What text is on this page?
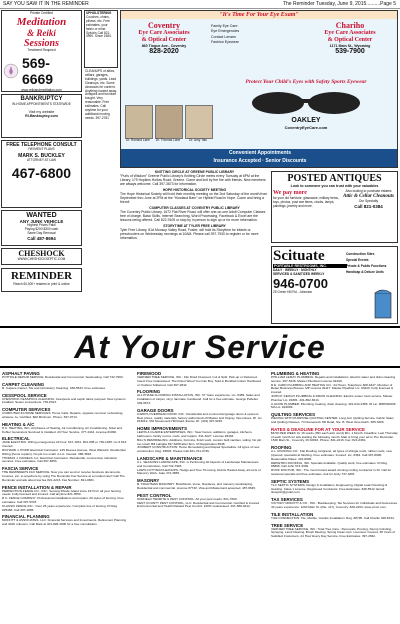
SAY YOU SAW IT IN THE REMINDER	The Reminder Tuesday, June 9, 2015..........Page 5
Private Certified
Meditation
& Reiki
Sessions
Treatment Required
569-6669
www.reikiandmeditation.com
UPHOLSTERING
Couches, chairs, pillows, etc. Free estimates, your fabric or mine. Sylvia's Call 821-4990. Since 1984.
CLEANUPS of attics, cellars, garages, buildings, yards. Lead Cleanups, etc. Some cleanouts for content. Anything hauled away. Antiques and furniture bought. Very reasonable. Free estimates. Call anytime for your additional moving needs. 397-2781
BANKRUPTCY
IN-HOME APPOINTMENTS STATEWIDE
Visit my website
RI-Bankruptcy.com
FREE TELEPHONE CONSULT
PAYMENT PLANS
MARK S. BUCKLEY
ATTORNEY AT LAW
467-6800
WANTED
ANY JUNK VEHICLE
Highest Prices Paid!
Paying $200-$300 cash
Same Day Removal
Call 487-8694
CHESHOCK
WWW.CHESHOCKSEPTIC.COM
REMINDER
Reach 60,000+ readers in print & online
KNITTING CIRCLE AT GREENE PUBLIC LIBRARY
"Purls of Wisdom" Greene Public Library's Knitting Circle meets every Tuesday at 6PM at the Library, 179 Hopkins Hollow Road, Greene. Come and knit by the fire with friends. New members are always welcome. Call 397-3873 for information.
HOPE HISTORICAL SOCIETY MEETING
The Hope Historical Society will hold their monthly meeting on the 2nd Saturday of the month from September thru June at 2PM at the "Howland Barn" on Hyfield Road in Hope. Come and bring a friend!
COMPUTER CLASSES AT COVENTRY PUBLIC LIBRARY
The Coventry Public Library, 1672 Flat River Road, will offer one-on-one Adult Computer Classes free of charge. Basic Skills, Internet Searching, Word Processing, Facebook & Excel are the lessons being offered. Call 822-9105 or stop by in person to sign up or for more information.
STORYTIME AT TYLER FREE LIBRARY
Tyler Free Library, 81A Moosup Valley Road, Foster, will hold its Storytime for infants or preschoolers on Wednesday mornings at 10AM. Please call 397-7930 to register or for more information.
"It's Time For Your Eye Exam"
Coventry
Eye Care Associates
& Optical Center
860 Tiogue Ave., Coventry
828-2020
Family Eye Care
Eye Emergencies
Contact Lenses
Fashion Eyewear
Chariho
Eye Care Associates
& Optical Center
1171 Main St., Wyoming
539-7900
Dr. Richard Lane	Dr. Thomas Lane	Dr. Amy Talk
Protect Your Child's Eyes with Safety Sports Eyewear
OAKLEY
CoventryEyeCare.com
Convenient Appointments
Insurance Accepted · Senior Discounts
POSTED ANTIQUES
Look to someone you can trust with your valuables
We pay more
for your old furniture, glassware, military items, toys, photos, post war items, clocks, lamps, paintings, jewelry and more.
Also looking to purchase estates
Attic & Cellar Cleanouts
Our Specialty
Call 821-0384
Scituate
PORTABLE RESTROOMS, INC.
DAILY · WEEKLY · MONTHLY
SERVICED & SANITIZED WEEKLY
946-0700
25 Green Hill Rd., Johnston
Construction Sites
Special Events
Private & Public Functions
Handicap & Deluxe Units
At Your Service
ASPHALT PAVING

POTHOLE REPAIR SERVICE: Residential and Commercial. Sealcoating. Call 732-7993.

CARPET CLEANING

R. Capece Carpet, Tile and Upholstery Cleaning. 338-5533. Free estimates.

CESSPOOL SERVICE

CHESHOCK CESSPOOL CLEANING: Cesspools and septic tanks pumped. New systems installed. Sewer connections. 736-8313.

COMPUTER SERVICES

COMPUTER IN-HOME SERVICES: Home Calls. Repairs, spyware removal, networking, wireless. A+ Certified. $20 Minimum. Phone: 397-0713.

HEATING & A/C

H.K. HEATING, INC. All phases of Heating, Air Conditioning, Air Conditioning. Solar and Kohler Generators Serviced & Installed. 24 Hour Service. 377-4444. License #1090.

ELECTRICAL

JADE ELECTRIC: Wiring emergencies 24 hour. 647-1031. RI/L 808 or 736-1935. Lic # 813. Insured.

RICHARD J. POZZI Electrical Contractor: 125 Reeves Avenue, West Warwick. Residential Wiring (home repairs). No job too small. A-Lic. Insured. 368-3693.

THOMAS J. DANIELS, Inc. Electrical Contractor. Residential, commercial, industrial services. Free estimates. Call 397-6853.

FASCIA SERVICE

THE REMINDER'S FAX SERVICE. Now you can send or receive business documents, invoices, etc. to anywhere by using The Reminder Fax Service at a modest rate!! Call The Reminder and ask about low fee 821-2216. Fax Number: 821-0381.

FENCE INSTALLATION & REPAIR

PERFECTION FENCE CO., INC.: Serving Rhode Island since 1973 for all your fencing needs. Fully licensed and insured. Call anytime 821-3550.

R.C. FENCE COMPANY: Professional installations and repairs. All styles of fencing. Free estimates. Call 397-5378.

CLASSIC FENCE INC.: Over 25 years experience. Complete line of fencing. RI Reg. #25486. Call 397-1885.

FINANCIAL PLANNING

MOFFITT & ASSOCIATES, LLC: Financial Services and Investments. Retirement Planning and 401K rollovers. Call Mark at 401-828-4900 for a free consultation.

FIREWOOD

VERNIER TREE SERVICE, INC.: Kiln Dried Firewood. Cut & Split. Pick-up or Delivered. Insect Free Guaranteed. The Driest Wood You Can Buy. Sold in Bundled Indoor Hardwood or Outdoor Softwood. Call 397-2842.

FLOORING

ALL PHASE FLOORING INSTALLATION, INC. 37 Years experience. Lic. 8489. Sales and installation of carpet, vinyl, laminate, hardwood. Call for a free estimate. George Pelletier. 339-6673.

GARAGE DOORS

CARR'S OVERHEAD DOOR, INC.: Residential and commercial garage doors & openers. Best prices, quality materials, factory authorized Lift Master and Clopay. Open Eves. RI. Lic. #13012. 332 Nooseneck Hill Road, Exeter, RI. (401) 397-9015.

HOME IMPROVEMENTS

LEWIS & CLARKE ENTERPRISES, INC.: New homes, additions, garages, kitchens, bathrooms, family rooms, roofs, and repairs. 341-3227. License #3494.

BILL'S REMODELING: Additions, Formica, finish work, custom built vanities, siding. No job too small. Bill Lahiglia 397-6258 after 5pm. RI Registration #648.

JOUBERT CONSTRUCTION: Home Remodeling and Repair Specialists. All types of new construction. Reg. #3803. Please Call 401-741-0746.

LANDSCAPE & MAINTENANCE

A.L. SEASONS LANDSCAPE, INC. is Performing All Aspects of Landscape Maintenance and Construction. Call 732-7993.

LAWN CUTTING/CLEANUPS, Hedge and Tree Trimming. Debris Hauled Away, all sorts of Masonry Work. Jake 374-3865.

MASONRY

B. TRAUTMAN MASONRY: Brick/block, stone, fireplaces, and masonry landscaping. Residential and commercial. License #7740. Visa and Mastercard accepted. 487-8645.

PEST CONTROL

WINFIELD TERMITE & PEST CONTROL: All your pest needs. 821-7600.

KENT COUNTY PEST CONTROL, LLC: Residential and Commercial. Certified & Insured. Environmental and Health Related Pest Control. 100% Guaranteed. 401-588-0212.

PLUMBING & HEATING

PHILLIAM LEMAY PLUMBING: Repairs and installations. Electric water and drain cleaning service. 397-5446. Master Plumbers License #1299.

R.E. CARD PLUMBING AND HEATING CO.: 24 Hours. Telephone 828-6427. Member of Better Business Bureau. MP License #1117. Master Pipefitter Lic. #3420. Fully licensed & insured.

JOHN P. KEOGH PLUMBING & DRAIN CLEANING: Electric sewer roots service. Master Plumber Lic. #1881. 401-862-6613.

A GOOD PLUMBER: Plumbing, heating, drain cleaning. 401-644-2385. RI Lic. #MP000206. MA Lic. #24009.

QUILTING SERVICES

PIECING WITH PURPOSE QUILTING CENTER: Long Arm Quilting Service. Fabric Sales and Quilting Classes. 74 Nooseneck Hill Road, Ste. B. West Greenwich. 385-3306.

RATES & DEADLINE FOR AT YOUR SERVICE

$6.50 PER WEEK for 16 words (35¢ each add. word) Min. 1 Month. Deadline: Last Thursday of each month for ads starting the following month. Mail or bring your ad to The Reminder, 1546 Main St., Coventry, RI 02816. Phone: 821-2216. Fax: 821-0381.

ROOFING

A.L. ROOFING CO.: Flat Roofing, tar/gravel, all types of shingle roofs, rubber roofs, new plywood, specialist at flashing. Free estimates. Insured. Lic. #394. Call 397-8900. Reasonable Rates. 401-8006.

DEPIETRO ROOFING, INC. Specials Available. Quality work, free estimates. RI Reg. #5899. Call John 573-3336.

ROOF DOCTOR, INC.: The most trusted award winning roofing contractor in RI. Call for seasonal specials and free estimates. Ask for Andy 737-1881.

SEPTIC SYSTEMS

TLC SEPTIC SYSTEMS: Design & Installation. Engineering, Digital Leak Checking & Grading. Class 1 License. Registered Contractor. Free Estimates. 828-5512. Email: tlcseptic@gmail.com.

TAX SERVICES

VICTORY MOFFITT & CO., INC.: Bookkeeping, Tax Services for Individuals and businesses, 40 years experience. 1260 Main St. (Rte. 117), Coventry. 828-2153. www.vmcri.com.

TILE INSTALLATION

TILE CONNECTION: Tile, Marble, Granite Installation. Reg. #8795. Call Charlie 338-8134.

TREE SERVICE

VERNIER TREE SERVICE, INC.: Total Tree Care - Removals, Pruning, Stump Grinding, Spraying, Land Clearing, Brush Mowing. Spring Clean-Ups. Licensed. Insured. 38 Years of Satisfied Customers. 24 Hour Every Day Service. Free Estimates. 397-2842.
